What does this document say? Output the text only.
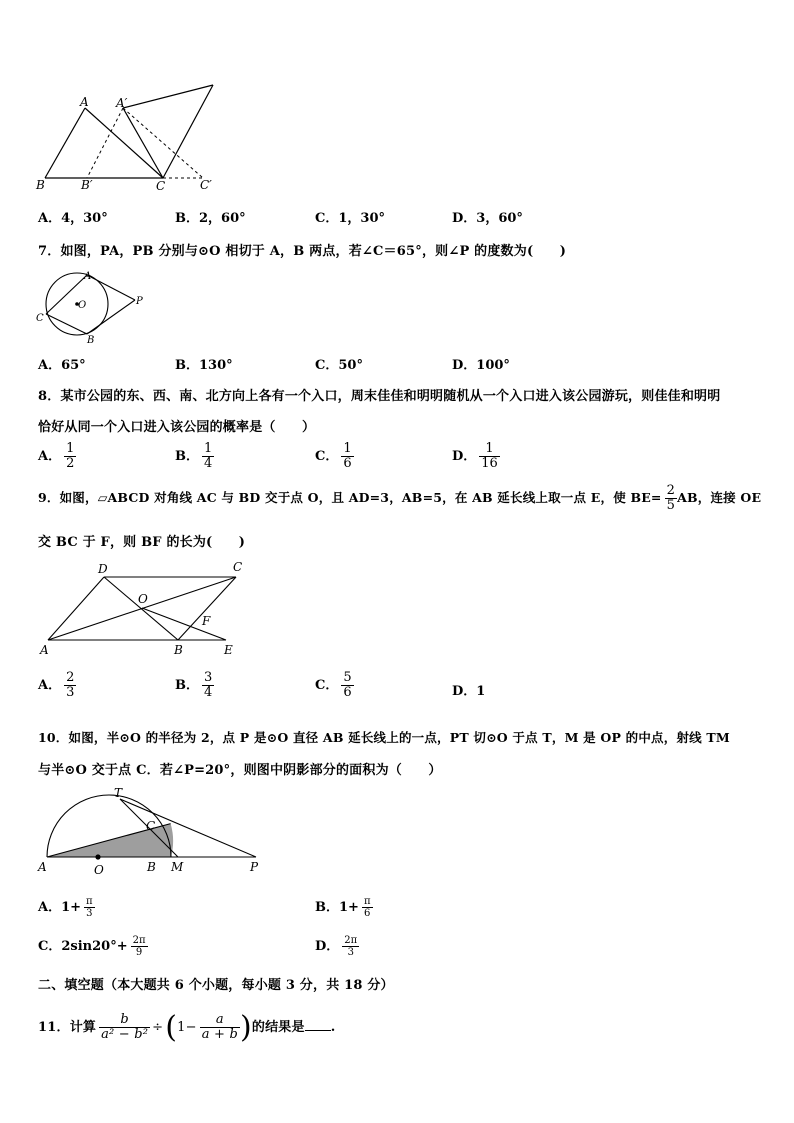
A A′
B	B′	C	C′
A．4，30°	B．2，60°	C．1，30°	D．3，60°
7．如图，PA，PB 分别与⊙O 相切于 A，B 两点，若∠C＝65°，则∠P 的度数为(　　)
A
B
C
O	P
A．65°	B．130°	C．50°	D．100°
8．某市公园的东、西、南、北方向上各有一个入口，周末佳佳和明明随机从一个入口进入该公园游玩，则佳佳和明明
恰好从同一个入口进入该公园的概率是（　　）
A． $\frac{1}{2}$	B． $\frac{1}{4}$	C． $\frac{1}{6}$	D． $\frac{1}{16}$
9．如图，▱ABCD 对角线 AC 与 BD 交于点 O，且 AD=3，AB=5，在 AB 延长线上取一点 E，使 $BE= \frac{2}{5}$ AB，连接 OE
交 BC 于 F，则 BF 的长为(　　)
D	C
O
F
A	B	E
A． $\frac{2}{3}$	B． $\frac{3}{4}$	C． $\frac{5}{6}$	D．1
10．如图，半⊙O 的半径为 2，点 P 是⊙O 直径 AB 延长线上的一点，PT 切⊙O 于点 T，M 是 OP 的中点，射线 TM
与半⊙O 交于点 C．若∠P=20°，则图中阴影部分的面积为（　　）
T
C
A	O	B M	P
A．$1+ \frac{\pi}{3}$	B．$1+ \frac{\pi}{6}$
C．$2\sin 20^\circ+ \frac{2\pi}{9}$	D． $\frac{2\pi}{3}$
二、填空题（本大题共 6 个小题，每小题 3 分，共 18 分）
11．计算 $\frac{b}{\text{a² − b²}} \div(1- \frac{a}{a + b}$ )的结果是 .
